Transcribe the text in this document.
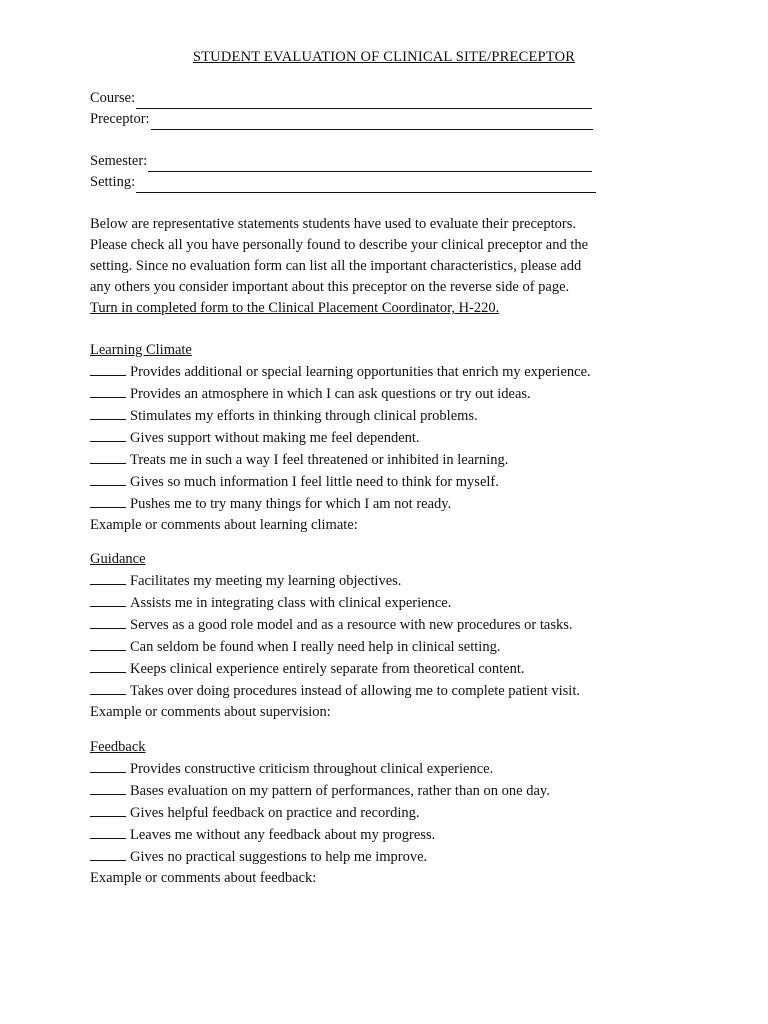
STUDENT EVALUATION OF CLINICAL SITE/PRECEPTOR
Course:
Preceptor:
Semester:
Setting:

Below are representative statements students have used to evaluate their preceptors.

Please check all you have personally found to describe your clinical preceptor and the

setting. Since no evaluation form can list all the important characteristics, please add

any others you consider important about this preceptor on the reverse side of page.

Turn in completed form to the Clinical Placement Coordinator, H-220.

Learning Climate
Provides additional or special learning opportunities that enrich my experience.
Provides an atmosphere in which I can ask questions or try out ideas.
Stimulates my efforts in thinking through clinical problems.
Gives support without making me feel dependent.
Treats me in such a way I feel threatened or inhibited in learning.
Gives so much information I feel little need to think for myself.
Pushes me to try many things for which I am not ready.
Example or comments about learning climate:
Guidance
Facilitates my meeting my learning objectives.
Assists me in integrating class with clinical experience.
Serves as a good role model and as a resource with new procedures or tasks.
Can seldom be found when I really need help in clinical setting.
Keeps clinical experience entirely separate from theoretical content.
Takes over doing procedures instead of allowing me to complete patient visit.
Example or comments about supervision:
Feedback
Provides constructive criticism throughout clinical experience.
Bases evaluation on my pattern of performances, rather than on one day.
Gives helpful feedback on practice and recording.
Leaves me without any feedback about my progress.
Gives no practical suggestions to help me improve.
Example or comments about feedback:
